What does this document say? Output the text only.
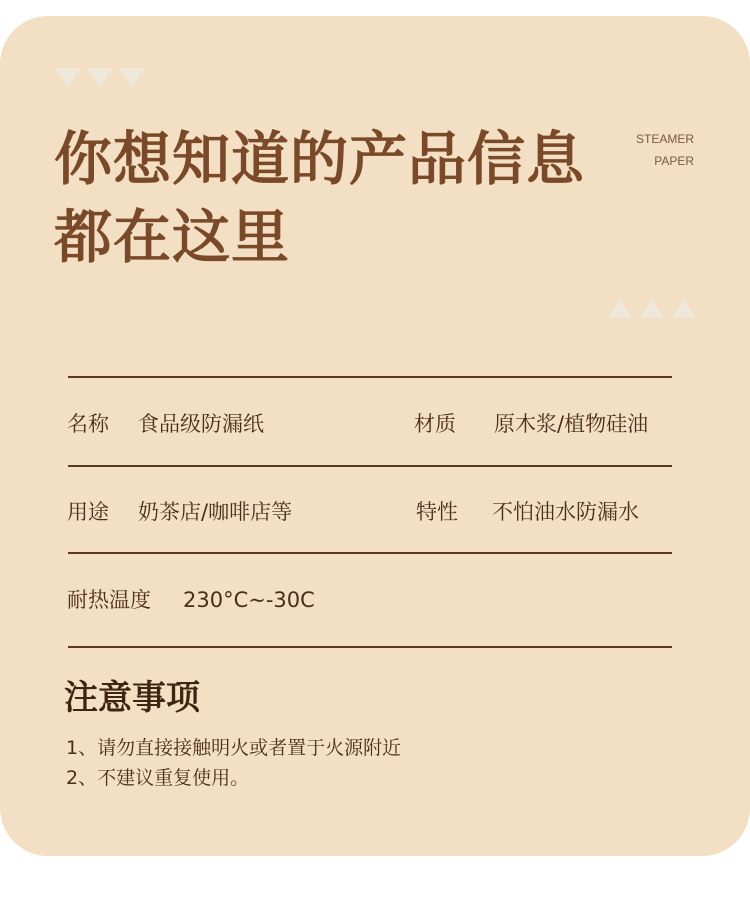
你想知道的产品信息
都在这里
STEAMER
PAPER
名称 食品级防漏纸	材质 原木浆/植物硅油
用途 奶茶店/咖啡店等	特性 不怕油水防漏水
耐热温度 230°C~-30C
注意事项
1、请勿直接接触明火或者置于火源附近
2、不建议重复使用。
